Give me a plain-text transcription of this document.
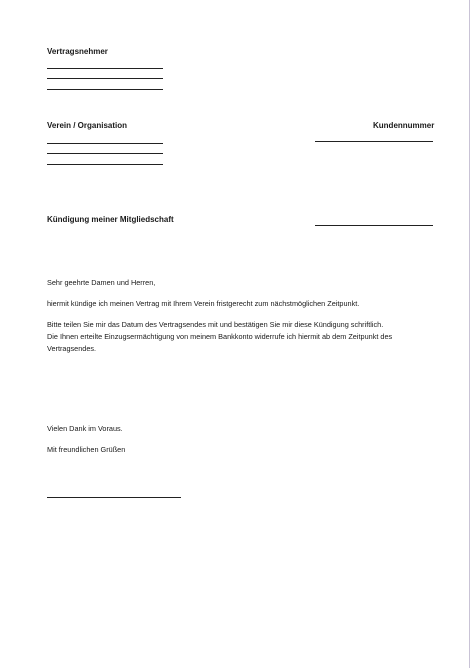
Vertragsnehmer
Verein / Organisation	Kundennummer
Kündigung meiner Mitgliedschaft
Sehr geehrte Damen und Herren,
hiermit kündige ich meinen Vertrag mit Ihrem Verein fristgerecht zum nächstmöglichen Zeitpunkt.
Bitte teilen Sie mir das Datum des Vertragsendes mit und bestätigen Sie mir diese Kündigung schriftlich.
Die Ihnen erteilte Einzugsermächtigung von meinem Bankkonto widerrufe ich hiermit ab dem Zeitpunkt des
Vertragsendes.
Vielen Dank im Voraus.
Mit freundlichen Grüßen
